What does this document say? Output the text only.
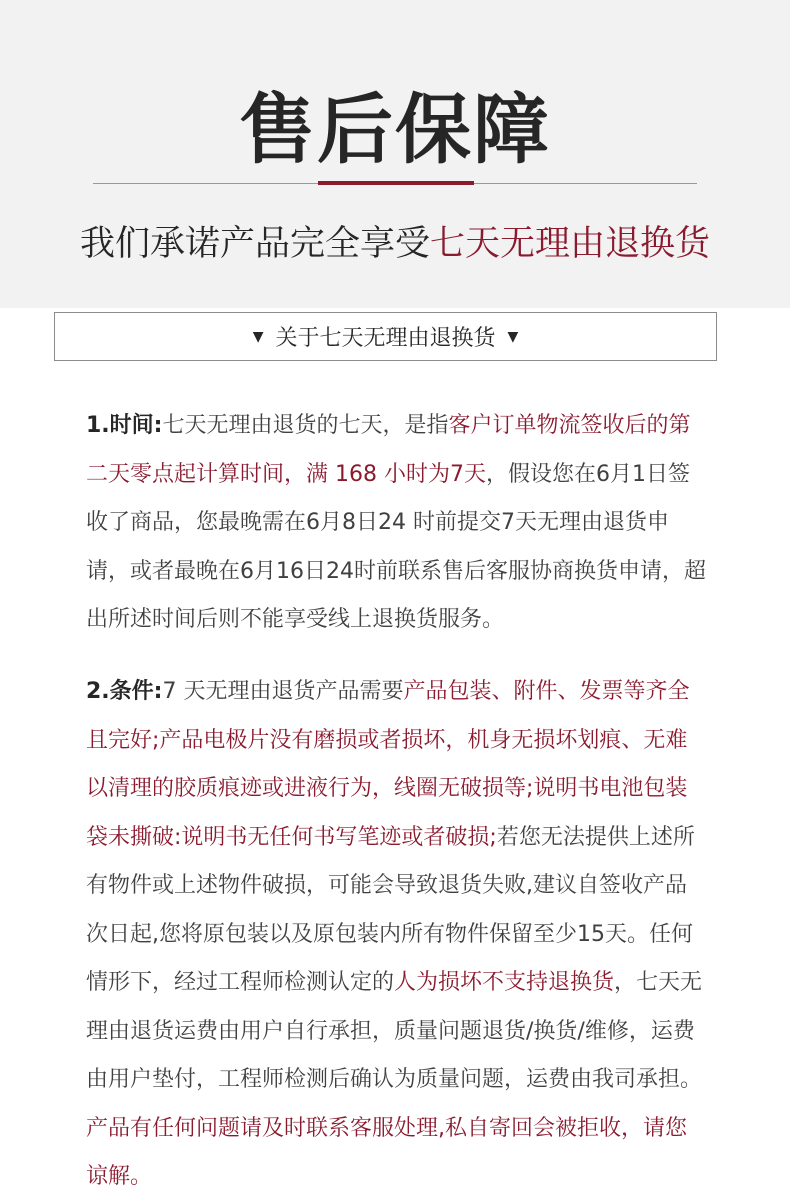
售后保障

我们承诺产品完全享受七天无理由退换货

▼ 关于七天无理由退换货 ▼

1.时间:七天无理由退货的七天，是指客户订单物流签收后的第二天零点起计算时间，满 168 小时为7天，假设您在6月1日签收了商品，您最晚需在6月8日24 时前提交7天无理由退货申请，或者最晚在6月16日24时前联系售后客服协商换货申请，超出所述时间后则不能享受线上退换货服务。

2.条件:7 天无理由退货产品需要产品包装、附件、发票等齐全且完好;产品电极片没有磨损或者损坏，机身无损坏划痕、无难以清理的胶质痕迹或进液行为，线圈无破损等;说明书电池包装袋未撕破:说明书无任何书写笔迹或者破损;若您无法提供上述所有物件或上述物件破损，可能会导致退货失败,建议自签收产品次日起,您将原包装以及原包装内所有物件保留至少15天。任何情形下，经过工程师检测认定的人为损坏不支持退换货，七天无理由退货运费由用户自行承担，质量问题退货/换货/维修，运费由用户垫付，工程师检测后确认为质量问题，运费由我司承担。产品有任何问题请及时联系客服处理,私自寄回会被拒收，请您谅解。
